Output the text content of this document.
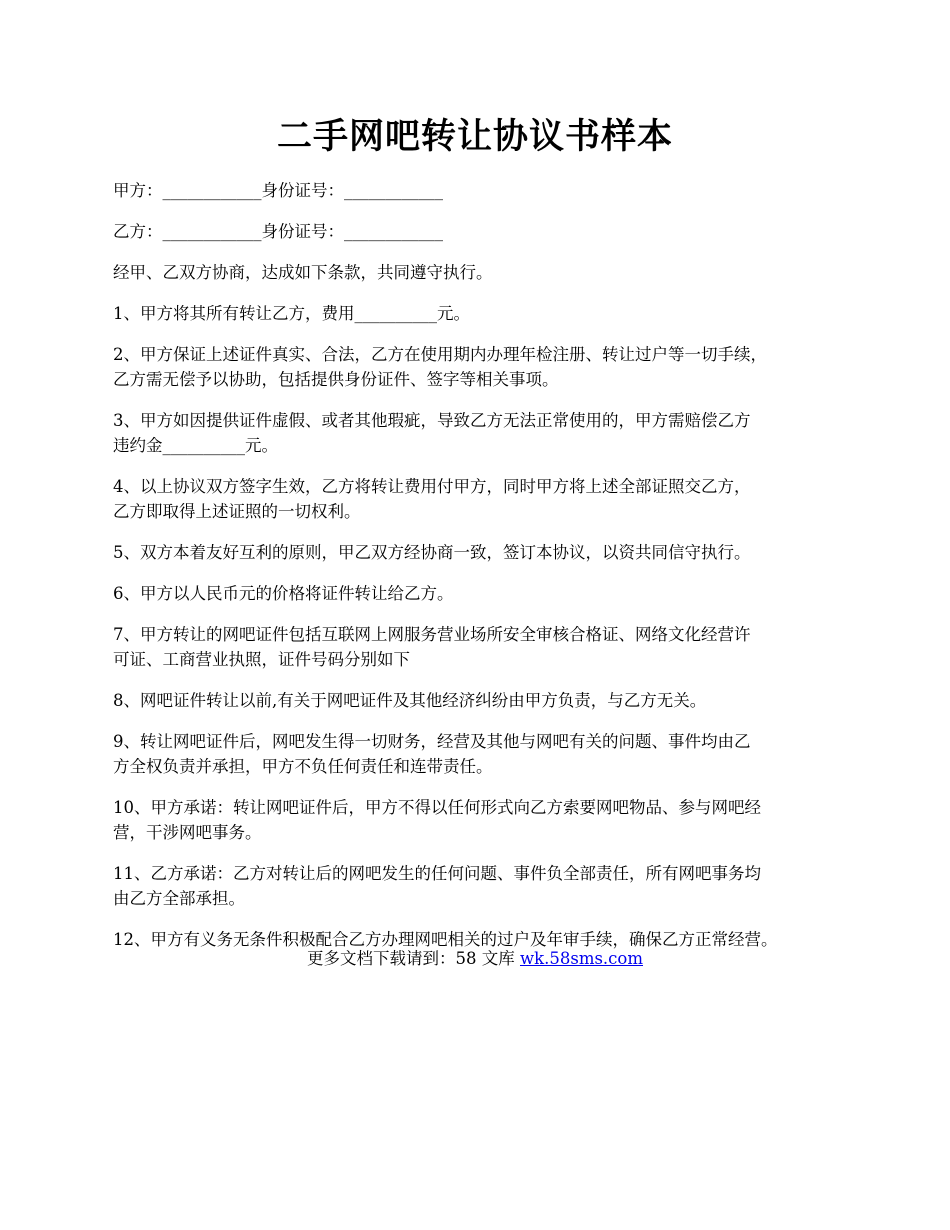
二手网吧转让协议书样本

甲方：____________身份证号：____________

乙方：____________身份证号：____________

经甲、乙双方协商，达成如下条款，共同遵守执行。

1、甲方将其所有转让乙方，费用__________元。

2、甲方保证上述证件真实、合法，乙方在使用期内办理年检注册、转让过户等一切手续，
乙方需无偿予以协助，包括提供身份证件、签字等相关事项。

3、甲方如因提供证件虚假、或者其他瑕疵，导致乙方无法正常使用的，甲方需赔偿乙方
违约金__________元。

4、以上协议双方签字生效，乙方将转让费用付甲方，同时甲方将上述全部证照交乙方，
乙方即取得上述证照的一切权利。

5、双方本着友好互利的原则，甲乙双方经协商一致，签订本协议，以资共同信守执行。

6、甲方以人民币元的价格将证件转让给乙方。

7、甲方转让的网吧证件包括互联网上网服务营业场所安全审核合格证、网络文化经营许
可证、工商营业执照，证件号码分别如下

8、网吧证件转让以前,有关于网吧证件及其他经济纠纷由甲方负责，与乙方无关。

9、转让网吧证件后，网吧发生得一切财务，经营及其他与网吧有关的问题、事件均由乙
方全权负责并承担，甲方不负任何责任和连带责任。

10、甲方承诺：转让网吧证件后，甲方不得以任何形式向乙方索要网吧物品、参与网吧经
营，干涉网吧事务。

11、乙方承诺：乙方对转让后的网吧发生的任何问题、事件负全部责任，所有网吧事务均
由乙方全部承担。

12、甲方有义务无条件积极配合乙方办理网吧相关的过户及年审手续，确保乙方正常经营。

更多文档下载请到：58 文库 wk.58sms.com
